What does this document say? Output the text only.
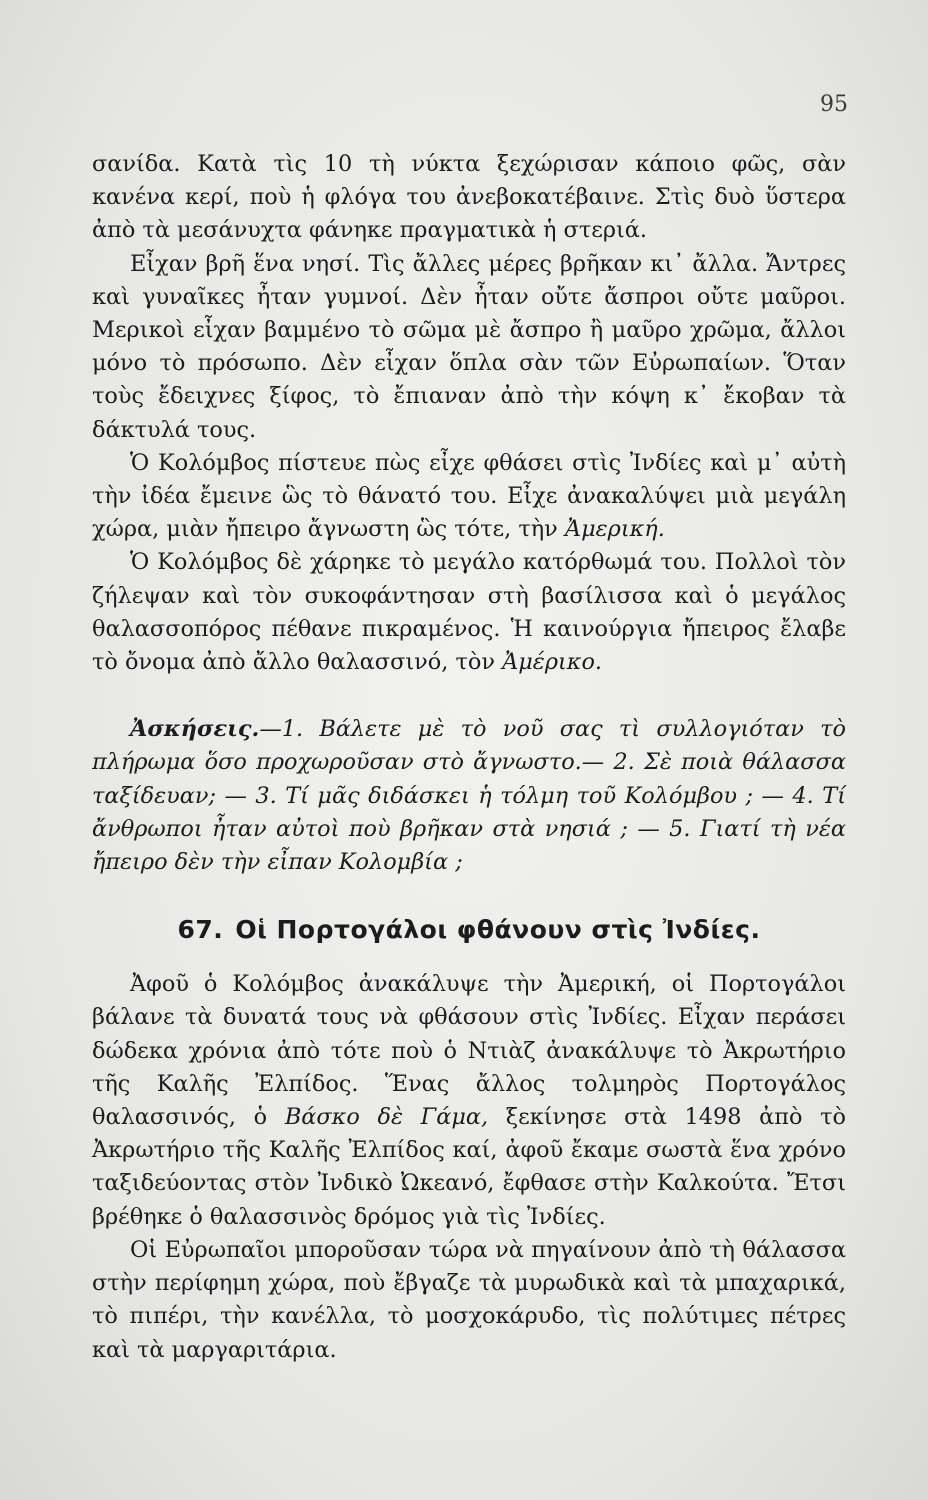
95

σανίδα. Κατὰ τὶς 10 τὴ νύκτα ξεχώρισαν κάποιο φῶς, σὰν κανένα κερί, ποὺ ἡ φλόγα του ἀνεβοκατέβαινε. Στὶς δυὸ ὕστερα ἀπὸ τὰ μεσάνυχτα φάνηκε πραγματικὰ ἡ στεριά.

Εἶχαν βρῆ ἕνα νησί. Τὶς ἄλλες μέρες βρῆκαν κι᾽ ἄλλα. Ἄντρες καὶ γυναῖκες ἦταν γυμνοί. Δὲν ἦταν οὔτε ἄσπροι οὔτε μαῦροι. Μερικοὶ εἶχαν βαμμένο τὸ σῶμα μὲ ἄσπρο ἢ μαῦρο χρῶμα, ἄλλοι μόνο τὸ πρόσωπο. Δὲν εἶχαν ὅπλα σὰν τῶν Εὐρωπαίων. Ὅταν τοὺς ἔδειχνες ξίφος, τὸ ἔπιαναν ἀπὸ τὴν κόψη κ᾽ ἔκοβαν τὰ δάκτυλά τους.

Ὁ Κολόμβος πίστευε πὼς εἶχε φθάσει στὶς Ἰνδίες καὶ μ᾽ αὐτὴ τὴν ἰδέα ἔμεινε ὣς τὸ θάνατό του. Εἶχε ἀνακαλύψει μιὰ μεγάλη χώρα, μιὰν ἤπειρο ἄγνωστη ὣς τότε, τὴν Ἀμερική.

Ὁ Κολόμβος δὲ χάρηκε τὸ μεγάλο κατόρθωμά του. Πολλοὶ τὸν ζήλεψαν καὶ τὸν συκοφάντησαν στὴ βασίλισσα καὶ ὁ μεγάλος θαλασσοπόρος πέθανε πικραμένος. Ἡ καινούργια ἤπειρος ἔλαβε τὸ ὄνομα ἀπὸ ἄλλο θαλασσινό, τὸν Ἀμέρικο.

Ἀσκήσεις.—1. Βάλετε μὲ τὸ νοῦ σας τὶ συλλογιόταν τὸ πλήρωμα ὅσο προχωροῦσαν στὸ ἄγνωστο.— 2. Σὲ ποιὰ θάλασσα ταξίδευαν; — 3. Τί μᾶς διδάσκει ἡ τόλμη τοῦ Κολόμβου ; — 4. Τί ἄνθρωποι ἦταν αὐτοὶ ποὺ βρῆκαν στὰ νησιά ; — 5. Γιατί τὴ νέα ἤπειρο δὲν τὴν εἶπαν Κολομβία ;

67. Οἱ Πορτογάλοι φθάνουν στὶς Ἰνδίες.

Ἀφοῦ ὁ Κολόμβος ἀνακάλυψε τὴν Ἀμερική, οἱ Πορτογάλοι βάλανε τὰ δυνατά τους νὰ φθάσουν στὶς Ἰνδίες. Εἶχαν περάσει δώδεκα χρόνια ἀπὸ τότε ποὺ ὁ Ντιὰζ ἀνακάλυψε τὸ Ἀκρωτήριο τῆς Καλῆς Ἐλπίδος. Ἕνας ἄλλος τολμηρὸς Πορτογάλος θαλασσινός, ὁ Βάσκο δὲ Γάμα, ξεκίνησε στὰ 1498 ἀπὸ τὸ Ἀκρωτήριο τῆς Καλῆς Ἐλπίδος καί, ἀφοῦ ἔκαμε σωστὰ ἕνα χρόνο ταξιδεύοντας στὸν Ἰνδικὸ Ὠκεανό, ἔφθασε στὴν Καλκούτα. Ἔτσι βρέθηκε ὁ θαλασσινὸς δρόμος γιὰ τὶς Ἰνδίες.

Οἱ Εὐρωπαῖοι μποροῦσαν τώρα νὰ πηγαίνουν ἀπὸ τὴ θάλασσα στὴν περίφημη χώρα, ποὺ ἔβγαζε τὰ μυρωδικὰ καὶ τὰ μπαχαρικά, τὸ πιπέρι, τὴν κανέλλα, τὸ μοσχοκάρυδο, τὶς πολύτιμες πέτρες καὶ τὰ μαργαριτάρια.
